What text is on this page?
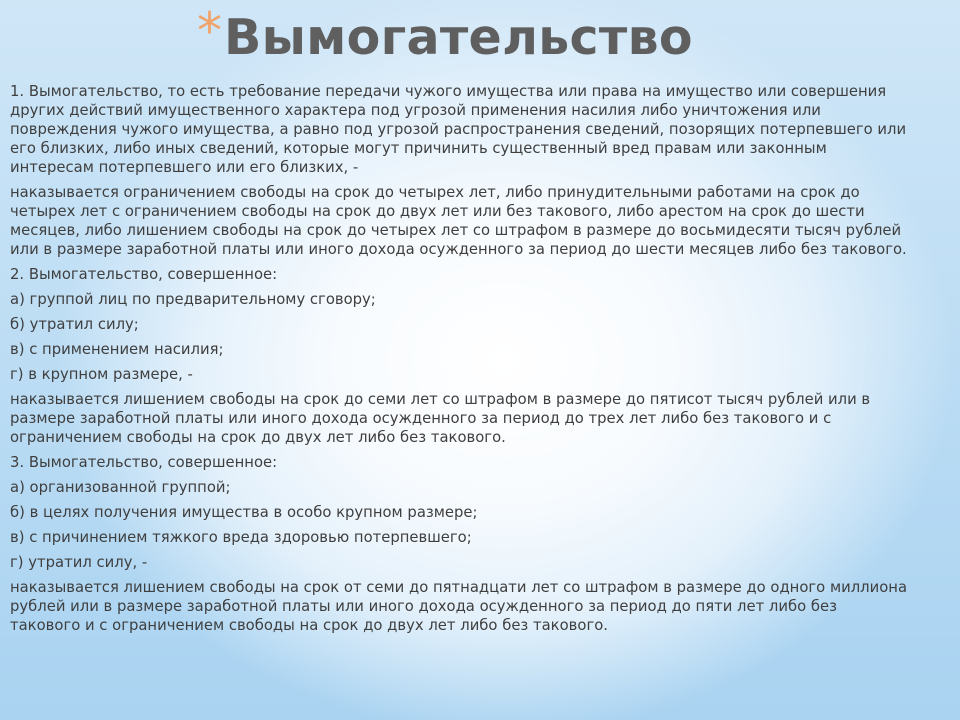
* Вымогательство

1. Вымогательство, то есть требование передачи чужого имущества или права на имущество или совершения других действий имущественного характера под угрозой применения насилия либо уничтожения или повреждения чужого имущества, а равно под угрозой распространения сведений, позорящих потерпевшего или его близких, либо иных сведений, которые могут причинить существенный вред правам или законным интересам потерпевшего или его близких, -

наказывается ограничением свободы на срок до четырех лет, либо принудительными работами на срок до четырех лет с ограничением свободы на срок до двух лет или без такового, либо арестом на срок до шести месяцев, либо лишением свободы на срок до четырех лет со штрафом в размере до восьмидесяти тысяч рублей или в размере заработной платы или иного дохода осужденного за период до шести месяцев либо без такового.

2. Вымогательство, совершенное:

а) группой лиц по предварительному сговору;

б) утратил силу;

в) с применением насилия;

г) в крупном размере, -

наказывается лишением свободы на срок до семи лет со штрафом в размере до пятисот тысяч рублей или в размере заработной платы или иного дохода осужденного за период до трех лет либо без такового и с ограничением свободы на срок до двух лет либо без такового.

3. Вымогательство, совершенное:

а) организованной группой;

б) в целях получения имущества в особо крупном размере;

в) с причинением тяжкого вреда здоровью потерпевшего;

г) утратил силу, -

наказывается лишением свободы на срок от семи до пятнадцати лет со штрафом в размере до одного миллиона рублей или в размере заработной платы или иного дохода осужденного за период до пяти лет либо без такового и с ограничением свободы на срок до двух лет либо без такового.
